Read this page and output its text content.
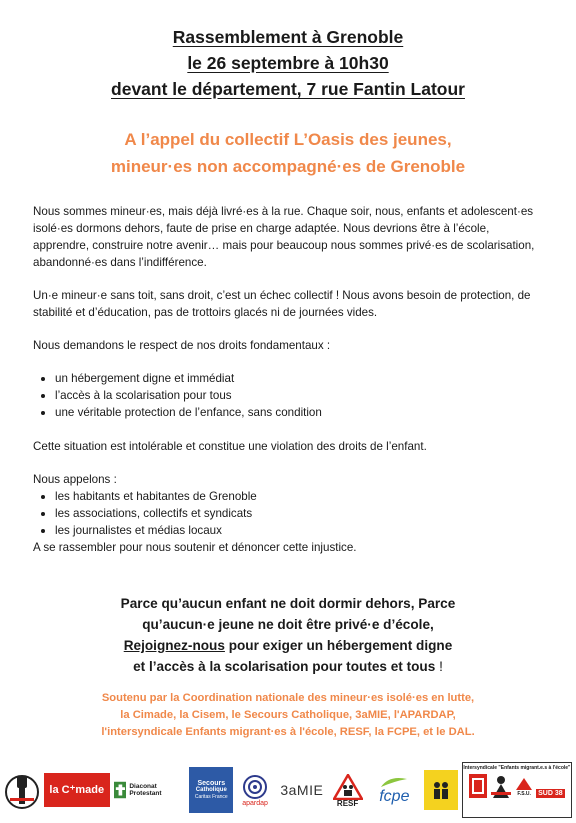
Rassemblement à Grenoble
le 26 septembre à 10h30
devant le département, 7 rue Fantin Latour
A l’appel du collectif L’Oasis des jeunes,
mineur·es non accompagné·es de Grenoble

Nous sommes mineur·es, mais déjà livré·es à la rue. Chaque soir, nous, enfants et adolescent·es isolé·es dormons dehors, faute de prise en charge adaptée. Nous devrions être à l’école, apprendre, construire notre avenir… mais pour beaucoup nous sommes privé·es de scolarisation, abandonné·es dans l’indifférence.

Un·e mineur·e sans toit, sans droit, c’est un échec collectif ! Nous avons besoin de protection, de stabilité et d’éducation, pas de trottoirs glacés ni de journées vides.

Nous demandons le respect de nos droits fondamentaux :

un hébergement digne et immédiat
l’accès à la scolarisation pour tous
une véritable protection de l’enfance, sans condition

Cette situation est intolérable et constitue une violation des droits de l’enfant.

Nous appelons :

les habitants et habitantes de Grenoble
les associations, collectifs et syndicats
les journalistes et médias locaux

A se rassembler pour nous soutenir et dénoncer cette injustice.

Parce qu’aucun enfant ne doit dormir dehors, Parce
qu’aucun·e jeune ne doit être privé·e d’école,
Rejoignez-nous pour exiger un hébergement digne
et l’accès à la scolarisation pour toutes et tous !
Soutenu par la Coordination nationale des mineur·es isolé·es en lutte,
la Cimade, la Cisem, le Secours Catholique, 3aMIE, l'APARDAP,
l'intersyndicale Enfants migrant·es à l'école, RESF, la FCPE, et le DAL.
la C⁺made	Diaconat Protestant
Secours
Catholique
Caritas France
apardap
3aMIE
RESF fcpe
Intersyndicale "Enfants migrant.e.s à l'école"
F.S.U. SUD 38
